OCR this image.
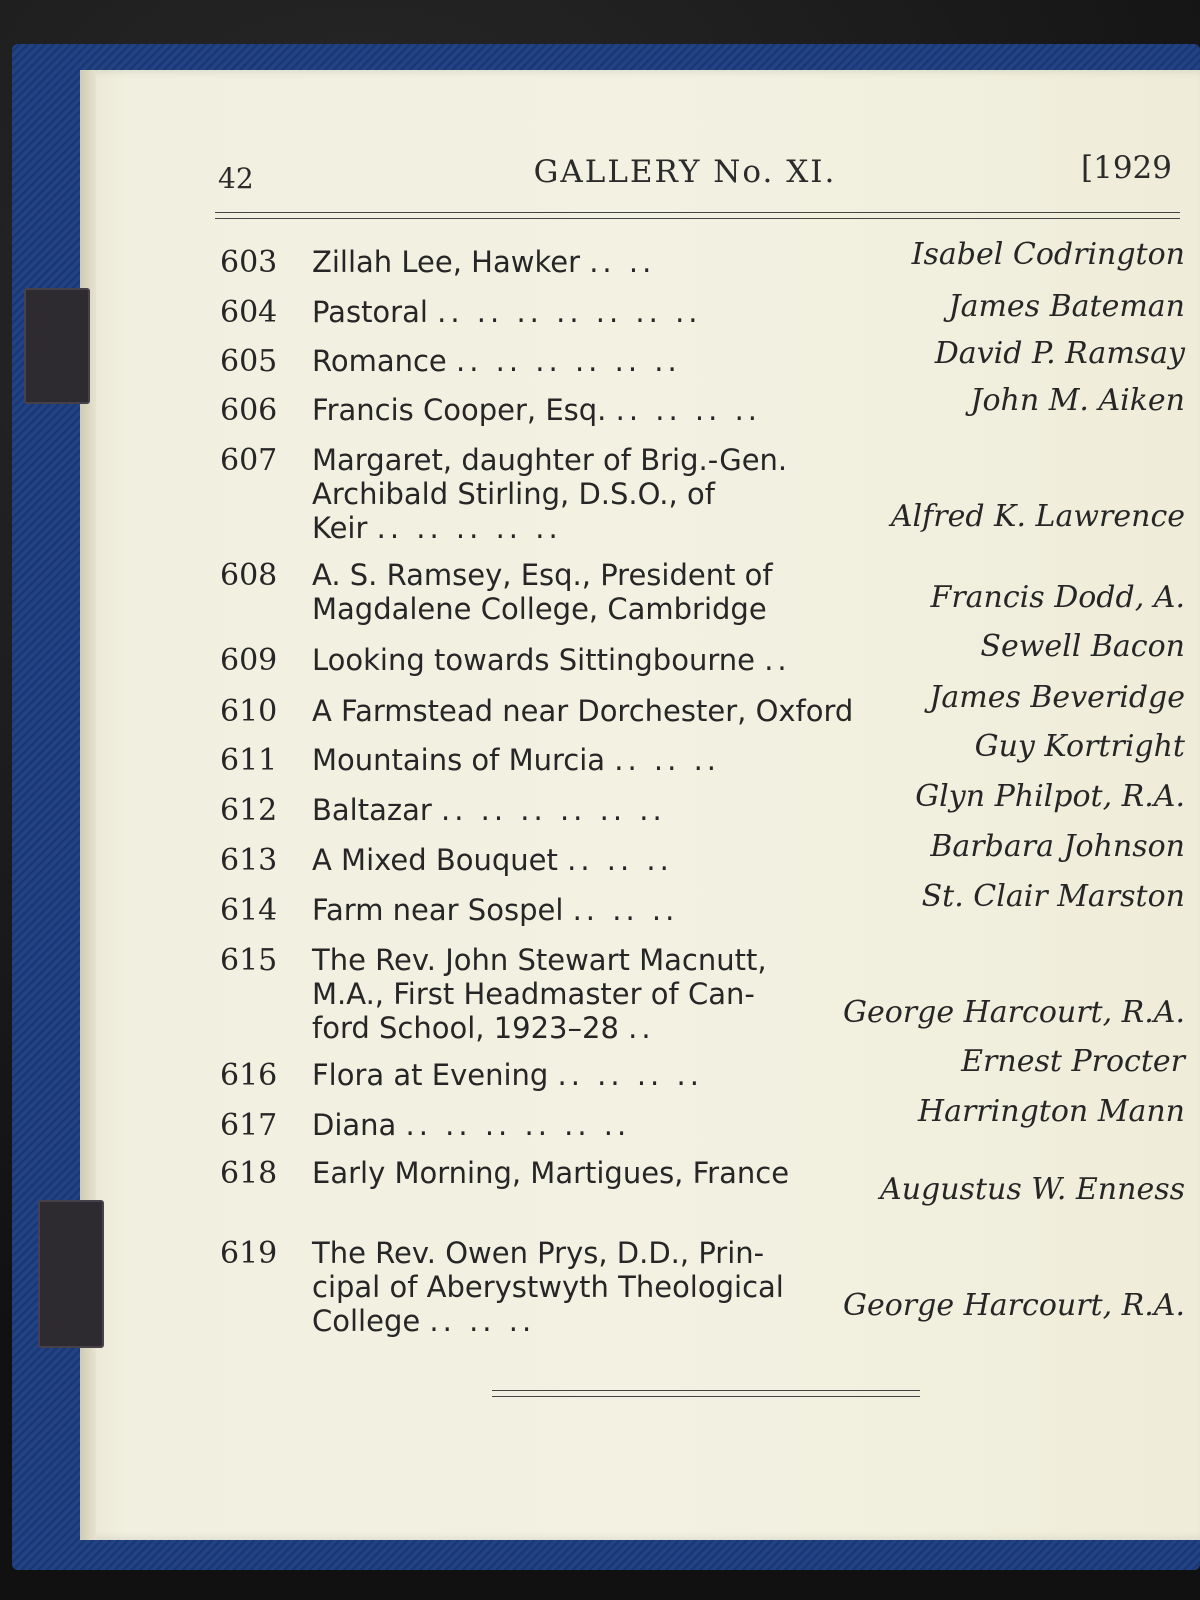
42	GALLERY No. XI.	[1929
603 Zillah Lee, Hawker .. ..	Isabel Codrington
604 Pastoral .. .. .. .. .. .. ..	James Bateman
605 Romance .. .. .. .. .. ..	David P. Ramsay
606 Francis Cooper, Esq. .. .. .. ..	John M. Aiken
607 Margaret, daughter of Brig.-Gen.
Archibald Stirling, D.S.O., of
Keir .. .. .. .. ..	Alfred K. Lawrence
608 A. S. Ramsey, Esq., President of
Magdalene College, Cambridge	Francis Dodd, A.
609 Looking towards Sittingbourne ..	Sewell Bacon
610 A Farmstead near Dorchester, Oxford	James Beveridge
611 Mountains of Murcia .. .. ..	Guy Kortright
612 Baltazar .. .. .. .. .. ..	Glyn Philpot, R.A.
613 A Mixed Bouquet .. .. ..	Barbara Johnson
614 Farm near Sospel .. .. ..	St. Clair Marston
615 The Rev. John Stewart Macnutt,
M.A., First Headmaster of Can-
ford School, 1923–28 ..	George Harcourt, R.A.
616 Flora at Evening .. .. .. ..	Ernest Procter
617 Diana .. .. .. .. .. ..	Harrington Mann
618 Early Morning, Martigues, France	Augustus W. Enness
619 The Rev. Owen Prys, D.D., Prin-
cipal of Aberystwyth Theological
College .. .. ..	George Harcourt, R.A.
